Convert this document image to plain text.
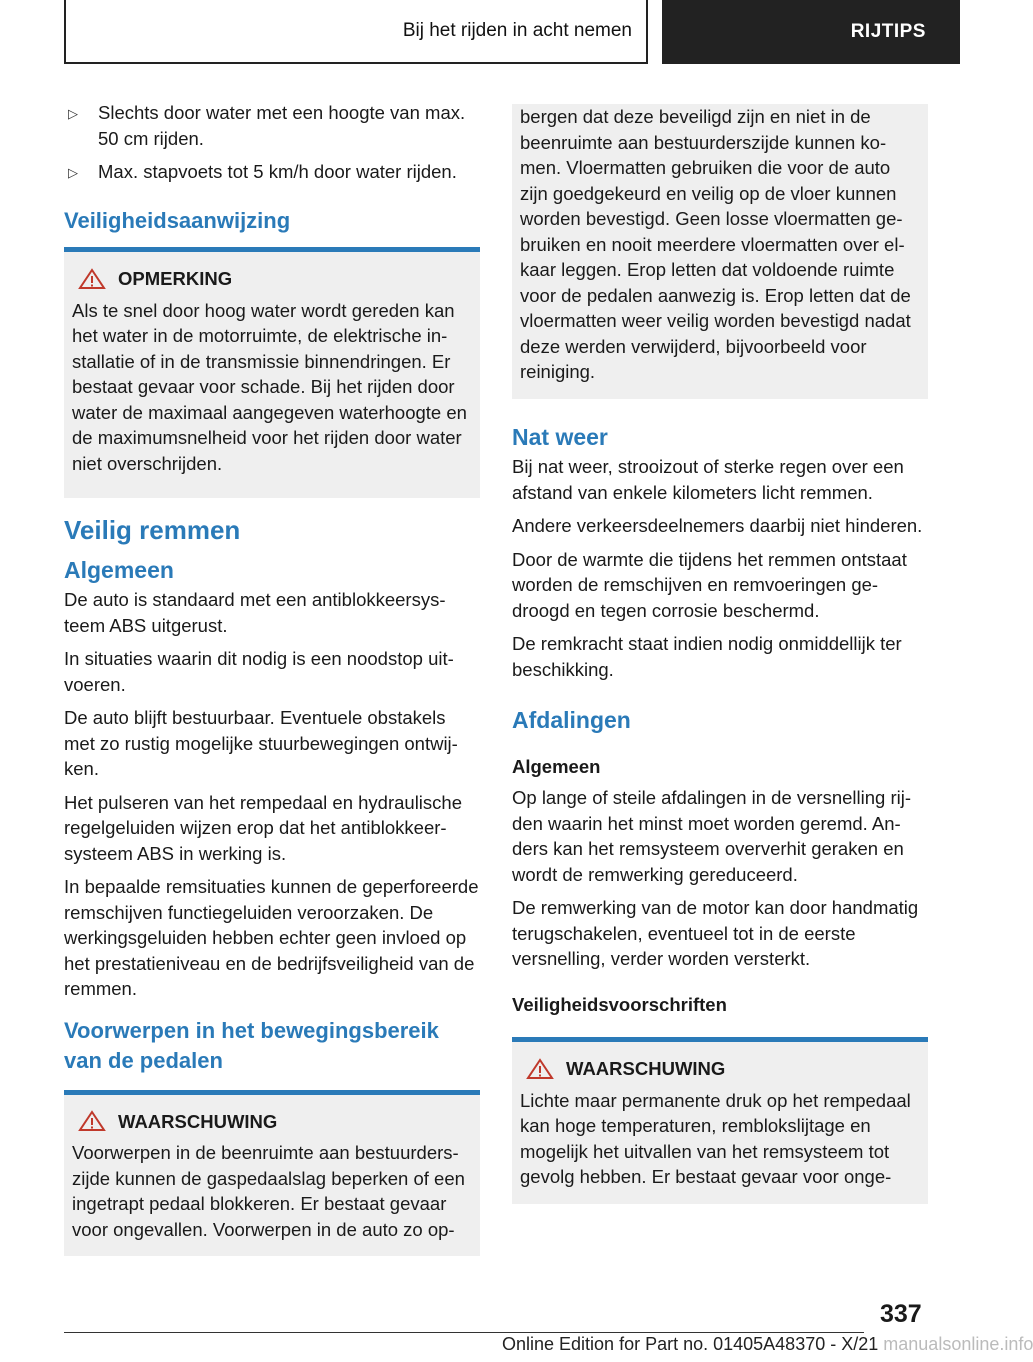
Bij het rijden in acht nemen	RIJTIPS
▷	Slechts door water met een hoogte van max. 50 cm rijden.
▷	Max. stapvoets tot 5 km/h door water rijden.
Veiligheidsaanwijzing
OPMERKING

Als te snel door hoog water wordt gereden kan het water in de motorruimte, de elektrische installatie of in de transmissie binnendringen. Er bestaat gevaar voor schade. Bij het rijden door water de maximaal aangegeven waterhoogte en de maximumsnelheid voor het rijden door water niet overschrijden.

Veilig remmen
Algemeen

De auto is standaard met een antiblokkeersysteem ABS uitgerust.

In situaties waarin dit nodig is een noodstop uitvoeren.

De auto blijft bestuurbaar. Eventuele obstakels met zo rustig mogelijke stuurbewegingen ontwijken.

Het pulseren van het rempedaal en hydraulische regelgeluiden wijzen erop dat het antiblokkeersysteem ABS in werking is.

In bepaalde remsituaties kunnen de geperforeerde remschijven functiegeluiden veroorzaken. De werkingsgeluiden hebben echter geen invloed op het prestatieniveau en de bedrijfsveiligheid van de remmen.

Voorwerpen in het bewegingsbereik van de pedalen
WAARSCHUWING

Voorwerpen in de beenruimte aan bestuurderszijde kunnen de gaspedaalslag beperken of een ingetrapt pedaal blokkeren. Er bestaat gevaar voor ongevallen. Voorwerpen in de auto zo op-

bergen dat deze beveiligd zijn en niet in de beenruimte aan bestuurderszijde kunnen komen. Vloermatten gebruiken die voor de auto zijn goedgekeurd en veilig op de vloer kunnen worden bevestigd. Geen losse vloermatten gebruiken en nooit meerdere vloermatten over elkaar leggen. Erop letten dat voldoende ruimte voor de pedalen aanwezig is. Erop letten dat de vloermatten weer veilig worden bevestigd nadat deze werden verwijderd, bijvoorbeeld voor reiniging.

Nat weer

Bij nat weer, strooizout of sterke regen over een afstand van enkele kilometers licht remmen.

Andere verkeersdeelnemers daarbij niet hinderen.

Door de warmte die tijdens het remmen ontstaat worden de remschijven en remvoeringen gedroogd en tegen corrosie beschermd.

De remkracht staat indien nodig onmiddellijk ter beschikking.

Afdalingen
Algemeen

Op lange of steile afdalingen in de versnelling rijden waarin het minst moet worden geremd. Anders kan het remsysteem oververhit geraken en wordt de remwerking gereduceerd.

De remwerking van de motor kan door handmatig terugschakelen, eventueel tot in de eerste versnelling, verder worden versterkt.

Veiligheidsvoorschriften
WAARSCHUWING

Lichte maar permanente druk op het rempedaal kan hoge temperaturen, remblokslijtage en mogelijk het uitvallen van het remsysteem tot gevolg hebben. Er bestaat gevaar voor onge-

337
Online Edition for Part no. 01405A48370 - X/21 manualsonline.info
